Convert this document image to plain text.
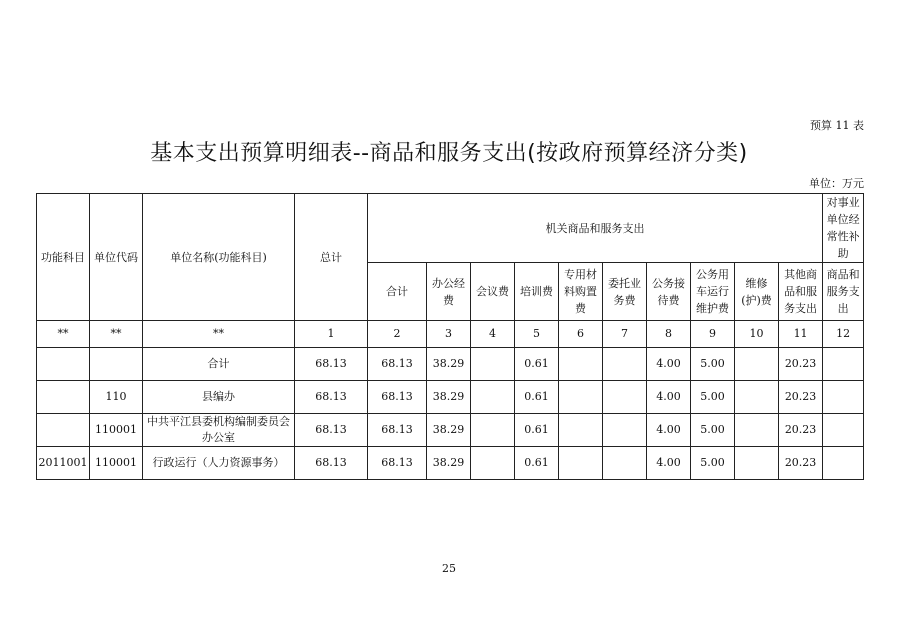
预算 11 表
基本支出预算明细表--商品和服务支出(按政府预算经济分类)
单位：万元
功能科目	单位代码	单位名称(功能科目)	总计	机关商品和服务支出										对事业单位经常性补助
				合计	办公经费	会议费	培训费	专用材料购置费	委托业务费	公务接待费	公务用车运行维护费	维修(护)费	其他商品和服务支出	商品和服务支出
**	**	**	1	2	3	4	5	6	7	8	9	10	11	12
		合计	68.13	68.13	38.29		0.61			4.00	5.00		20.23	
	110	县编办	68.13	68.13	38.29		0.61			4.00	5.00		20.23	
	110001	中共平江县委机构编制委员会办公室	68.13	68.13	38.29		0.61			4.00	5.00		20.23	
2011001	110001	行政运行（人力资源事务）	68.13	68.13	38.29		0.61			4.00	5.00		20.23	
25
